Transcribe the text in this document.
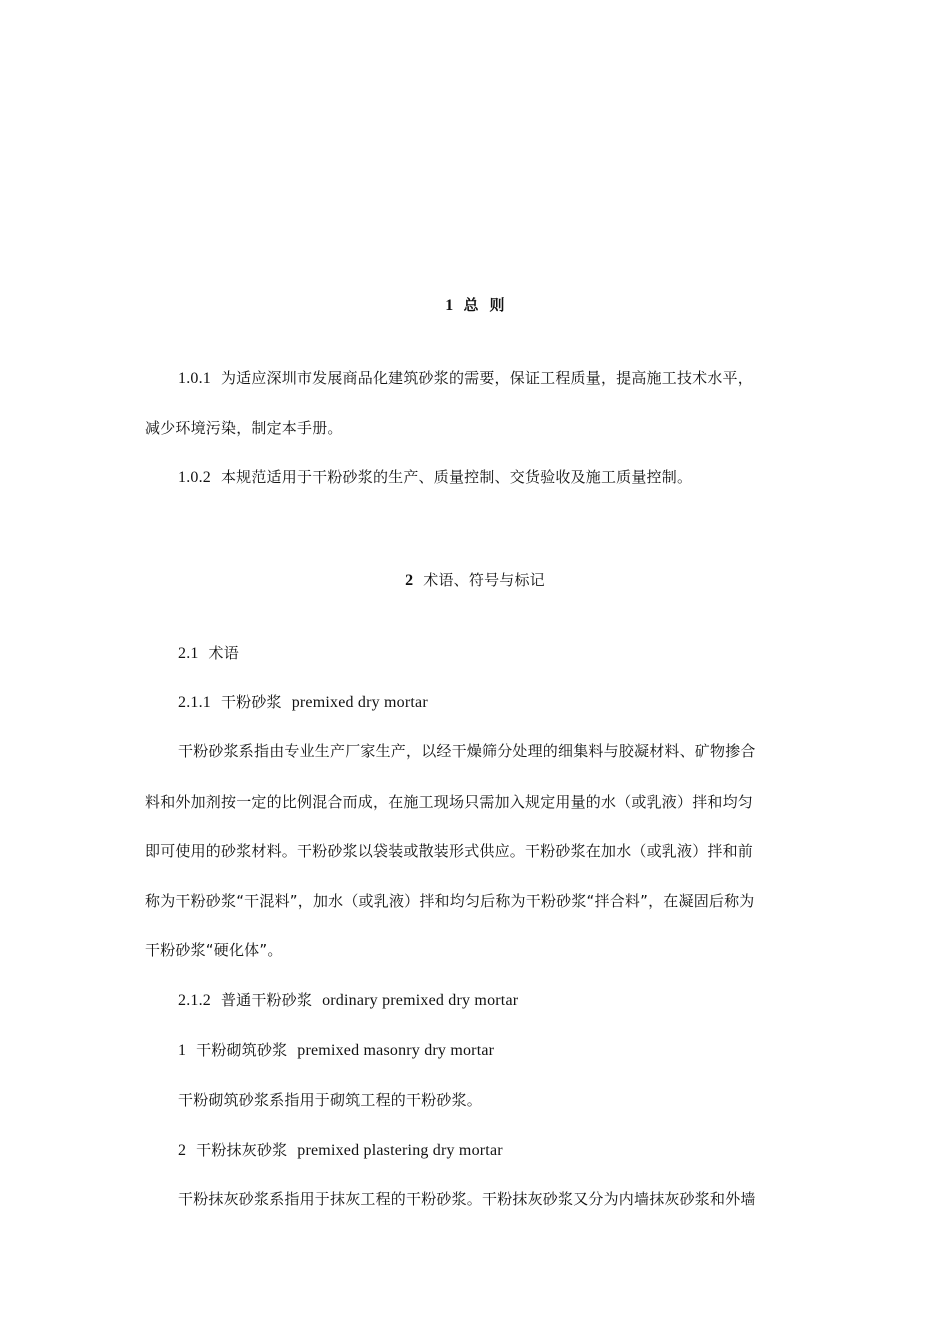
1 总  则
1.0.1 为适应深圳市发展商品化建筑砂浆的需要，保证工程质量，提高施工技术水平，
减少环境污染，制定本手册。
1.0.2 本规范适用于干粉砂浆的生产、质量控制、交货验收及施工质量控制。
2 术语、符号与标记
2.1 术语
2.1.1 干粉砂浆 premixed dry mortar
干粉砂浆系指由专业生产厂家生产，以经干燥筛分处理的细集料与胶凝材料、矿物掺合
料和外加剂按一定的比例混合而成，在施工现场只需加入规定用量的水（或乳液）拌和均匀
即可使用的砂浆材料。干粉砂浆以袋装或散装形式供应。干粉砂浆在加水（或乳液）拌和前
称为干粉砂浆“干混料”，加水（或乳液）拌和均匀后称为干粉砂浆“拌合料”，在凝固后称为
干粉砂浆“硬化体”。
2.1.2 普通干粉砂浆 ordinary premixed dry mortar
1 干粉砌筑砂浆 premixed masonry dry mortar
干粉砌筑砂浆系指用于砌筑工程的干粉砂浆。
2 干粉抹灰砂浆 premixed plastering dry mortar
干粉抹灰砂浆系指用于抹灰工程的干粉砂浆。干粉抹灰砂浆又分为内墙抹灰砂浆和外墙
